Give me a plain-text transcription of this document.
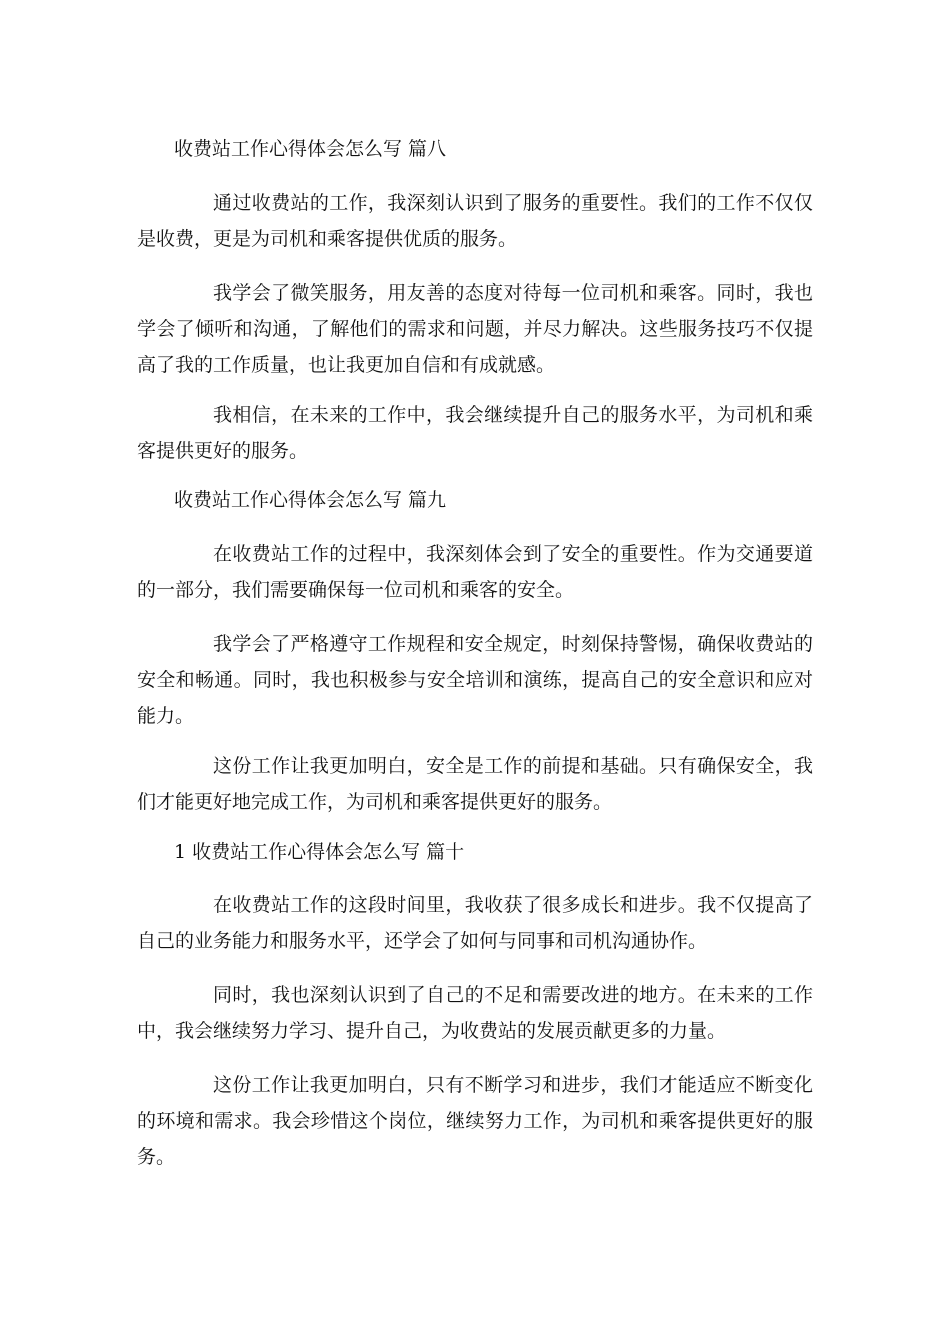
收费站工作心得体会怎么写 篇八
通过收费站的工作，我深刻认识到了服务的重要性。我们的工作不仅仅是收费，更是为司机和乘客提供优质的服务。
我学会了微笑服务，用友善的态度对待每一位司机和乘客。同时，我也学会了倾听和沟通，了解他们的需求和问题，并尽力解决。这些服务技巧不仅提高了我的工作质量，也让我更加自信和有成就感。
我相信，在未来的工作中，我会继续提升自己的服务水平，为司机和乘客提供更好的服务。
收费站工作心得体会怎么写 篇九
在收费站工作的过程中，我深刻体会到了安全的重要性。作为交通要道的一部分，我们需要确保每一位司机和乘客的安全。
我学会了严格遵守工作规程和安全规定，时刻保持警惕，确保收费站的安全和畅通。同时，我也积极参与安全培训和演练，提高自己的安全意识和应对能力。
这份工作让我更加明白，安全是工作的前提和基础。只有确保安全，我们才能更好地完成工作，为司机和乘客提供更好的服务。
1 收费站工作心得体会怎么写 篇十
在收费站工作的这段时间里，我收获了很多成长和进步。我不仅提高了自己的业务能力和服务水平，还学会了如何与同事和司机沟通协作。
同时，我也深刻认识到了自己的不足和需要改进的地方。在未来的工作中，我会继续努力学习、提升自己，为收费站的发展贡献更多的力量。
这份工作让我更加明白，只有不断学习和进步，我们才能适应不断变化的环境和需求。我会珍惜这个岗位，继续努力工作，为司机和乘客提供更好的服务。
